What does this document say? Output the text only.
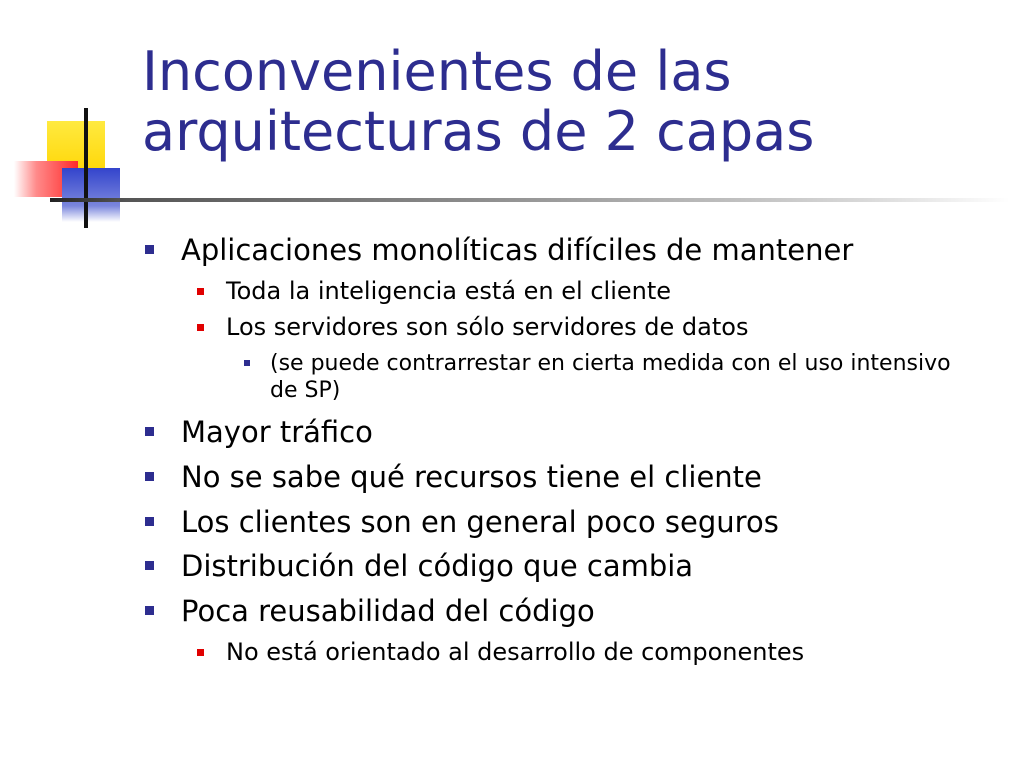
Inconvenientes de las
arquitecturas de 2 capas
Aplicaciones monolíticas difíciles de mantener
Toda la inteligencia está en el cliente
Los servidores son sólo servidores de datos
(se puede contrarrestar en cierta medida con el uso intensivo de SP)
Mayor tráfico
No se sabe qué recursos tiene el cliente
Los clientes son en general poco seguros
Distribución del código que cambia
Poca reusabilidad del código
No está orientado al desarrollo de componentes
